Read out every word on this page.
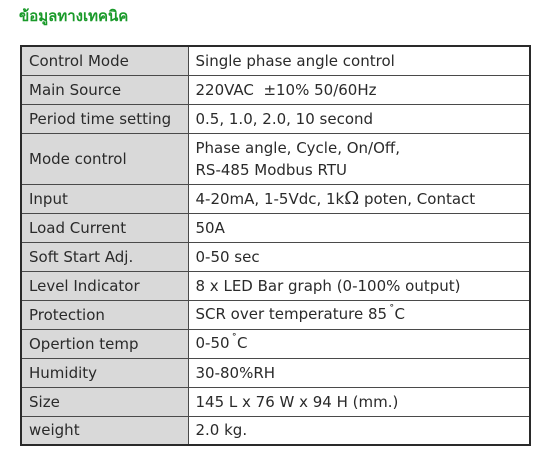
ข้อมูลทางเทคนิค
Control Mode	Single phase angle control
Main Source	220VAC  ±10% 50/60Hz
Period time setting	0.5, 1.0, 2.0, 10 second
Mode control	Phase angle, Cycle, On/Off,
RS-485 Modbus RTU

Input	4-20mA, 1-5Vdc, 1kΩ poten, Contact
Load Current	50A
Soft Start Adj.	0-50 sec
Level Indicator	8 x LED Bar graph (0-100% output)
Protection	SCR over temperature 85 ˚C
Opertion temp	0-50 ˚C
Humidity	30-80%RH
Size	145 L x 76 W x 94 H (mm.)
weight	2.0 kg.
